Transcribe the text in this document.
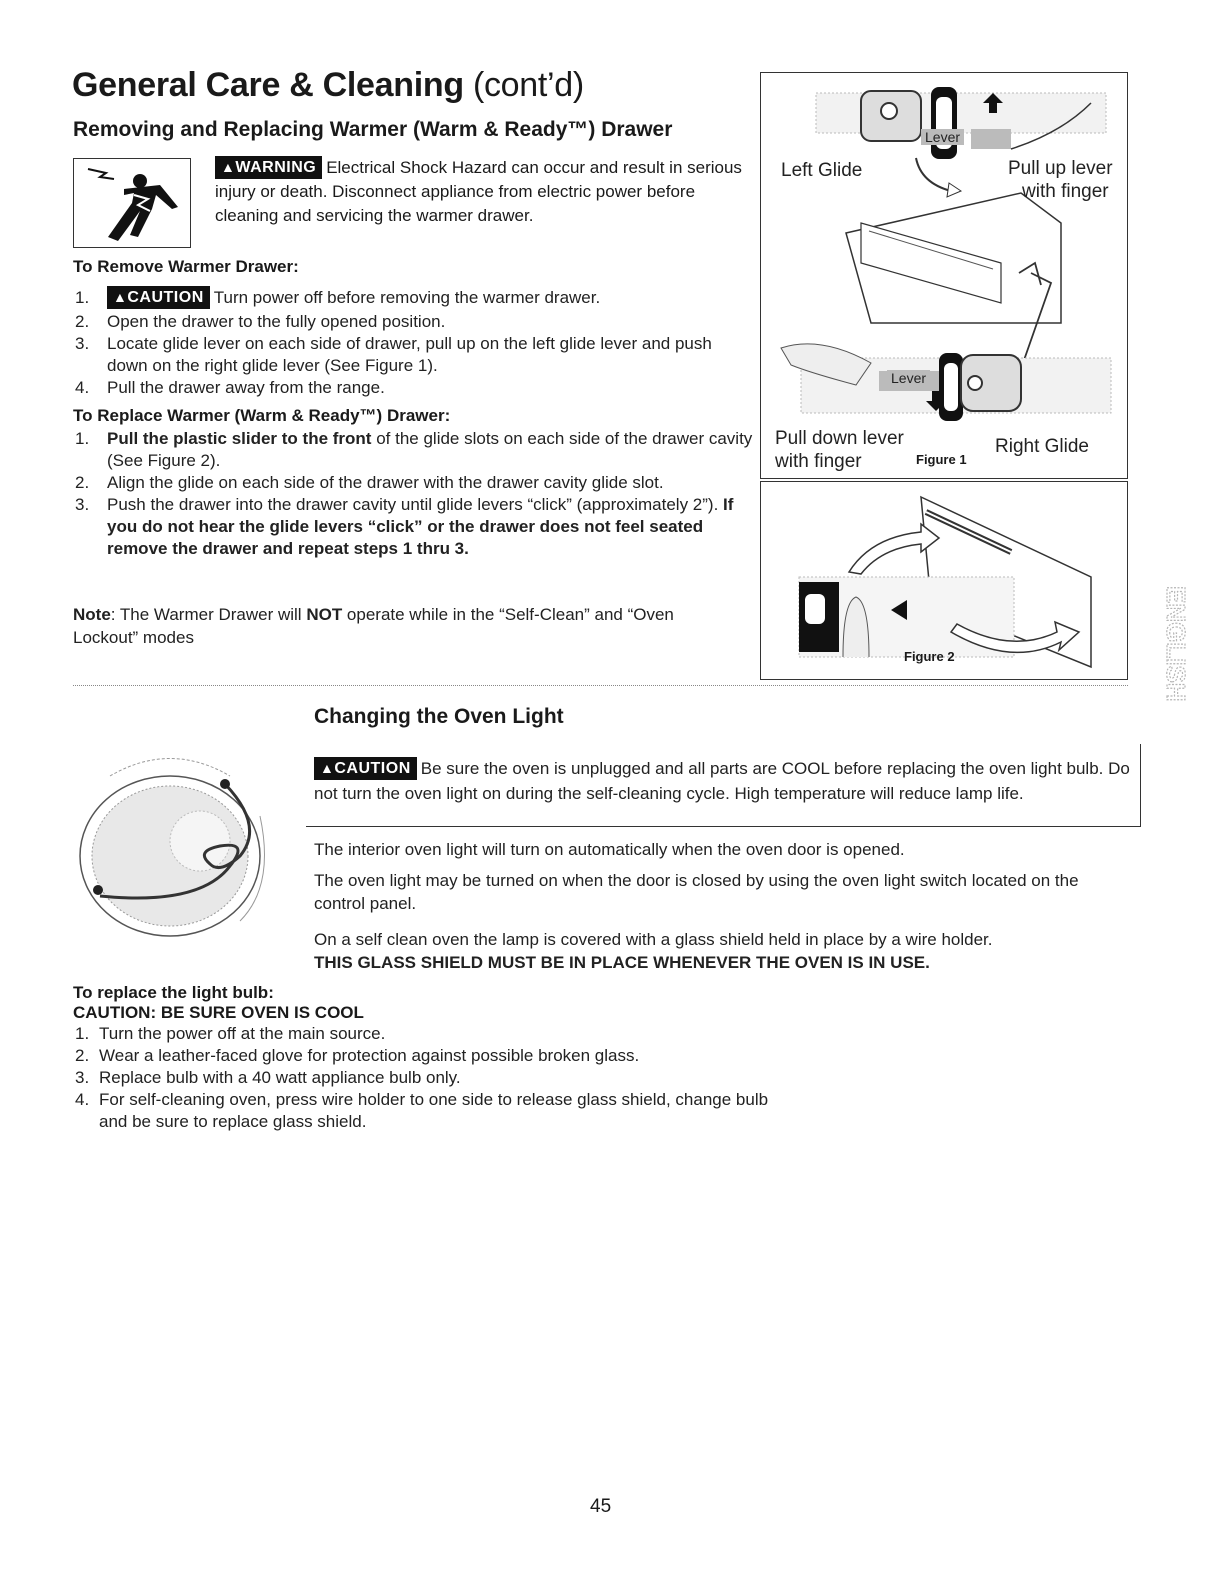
General Care & Cleaning (cont’d)
Removing and Replacing Warmer (Warm & Ready™) Drawer
▲WARNING Electrical Shock Hazard can occur and result in serious injury or death. Disconnect appliance from electric power before cleaning and servicing the warmer drawer.
To Remove Warmer Drawer:
1. ▲CAUTION Turn power off before removing the warmer drawer.
2. Open the drawer to the fully opened position.
3. Locate glide lever on each side of drawer, pull up on the left glide lever and push down on the right glide lever (See Figure 1).
4. Pull the drawer away from the range.
To Replace Warmer (Warm & Ready™) Drawer:
1. Pull the plastic slider to the front of the glide slots on each side of the drawer cavity (See Figure 2).
2. Align the glide on each side of the drawer with the drawer cavity glide slot.
3. Push the drawer into the drawer cavity until glide levers “click” (approximately 2”). If you do not hear the glide levers “click” or the drawer does not feel seated remove the drawer and repeat steps 1 thru 3.
Note: The Warmer Drawer will NOT operate while in the “Self-Clean” and “Oven Lockout” modes
Lever
Lever
Left Glide	Pull up lever
with finger
Pull down lever
with finger
Right Glide
Figure 1
Figure 2	ENGLISH
Changing the Oven Light
▲CAUTION Be sure the oven is unplugged and all parts are COOL before replacing the oven light bulb. Do not turn the oven light on during the self-cleaning cycle. High temperature will reduce lamp life.
The interior oven light will turn on automatically when the oven door is opened.
The oven light may be turned on when the door is closed by using the oven light switch located on the control panel.
On a self clean oven the lamp is covered with a glass shield held in place by a wire holder.
THIS GLASS SHIELD MUST BE IN PLACE WHENEVER THE OVEN IS IN USE.
To replace the light bulb:
CAUTION: BE SURE OVEN IS COOL
1. Turn the power off at the main source.
2. Wear a leather-faced glove for protection against possible broken glass.
3. Replace bulb with a 40 watt appliance bulb only.
4. For self-cleaning oven, press wire holder to one side to release glass shield, change bulb and be sure to replace glass shield.
45
